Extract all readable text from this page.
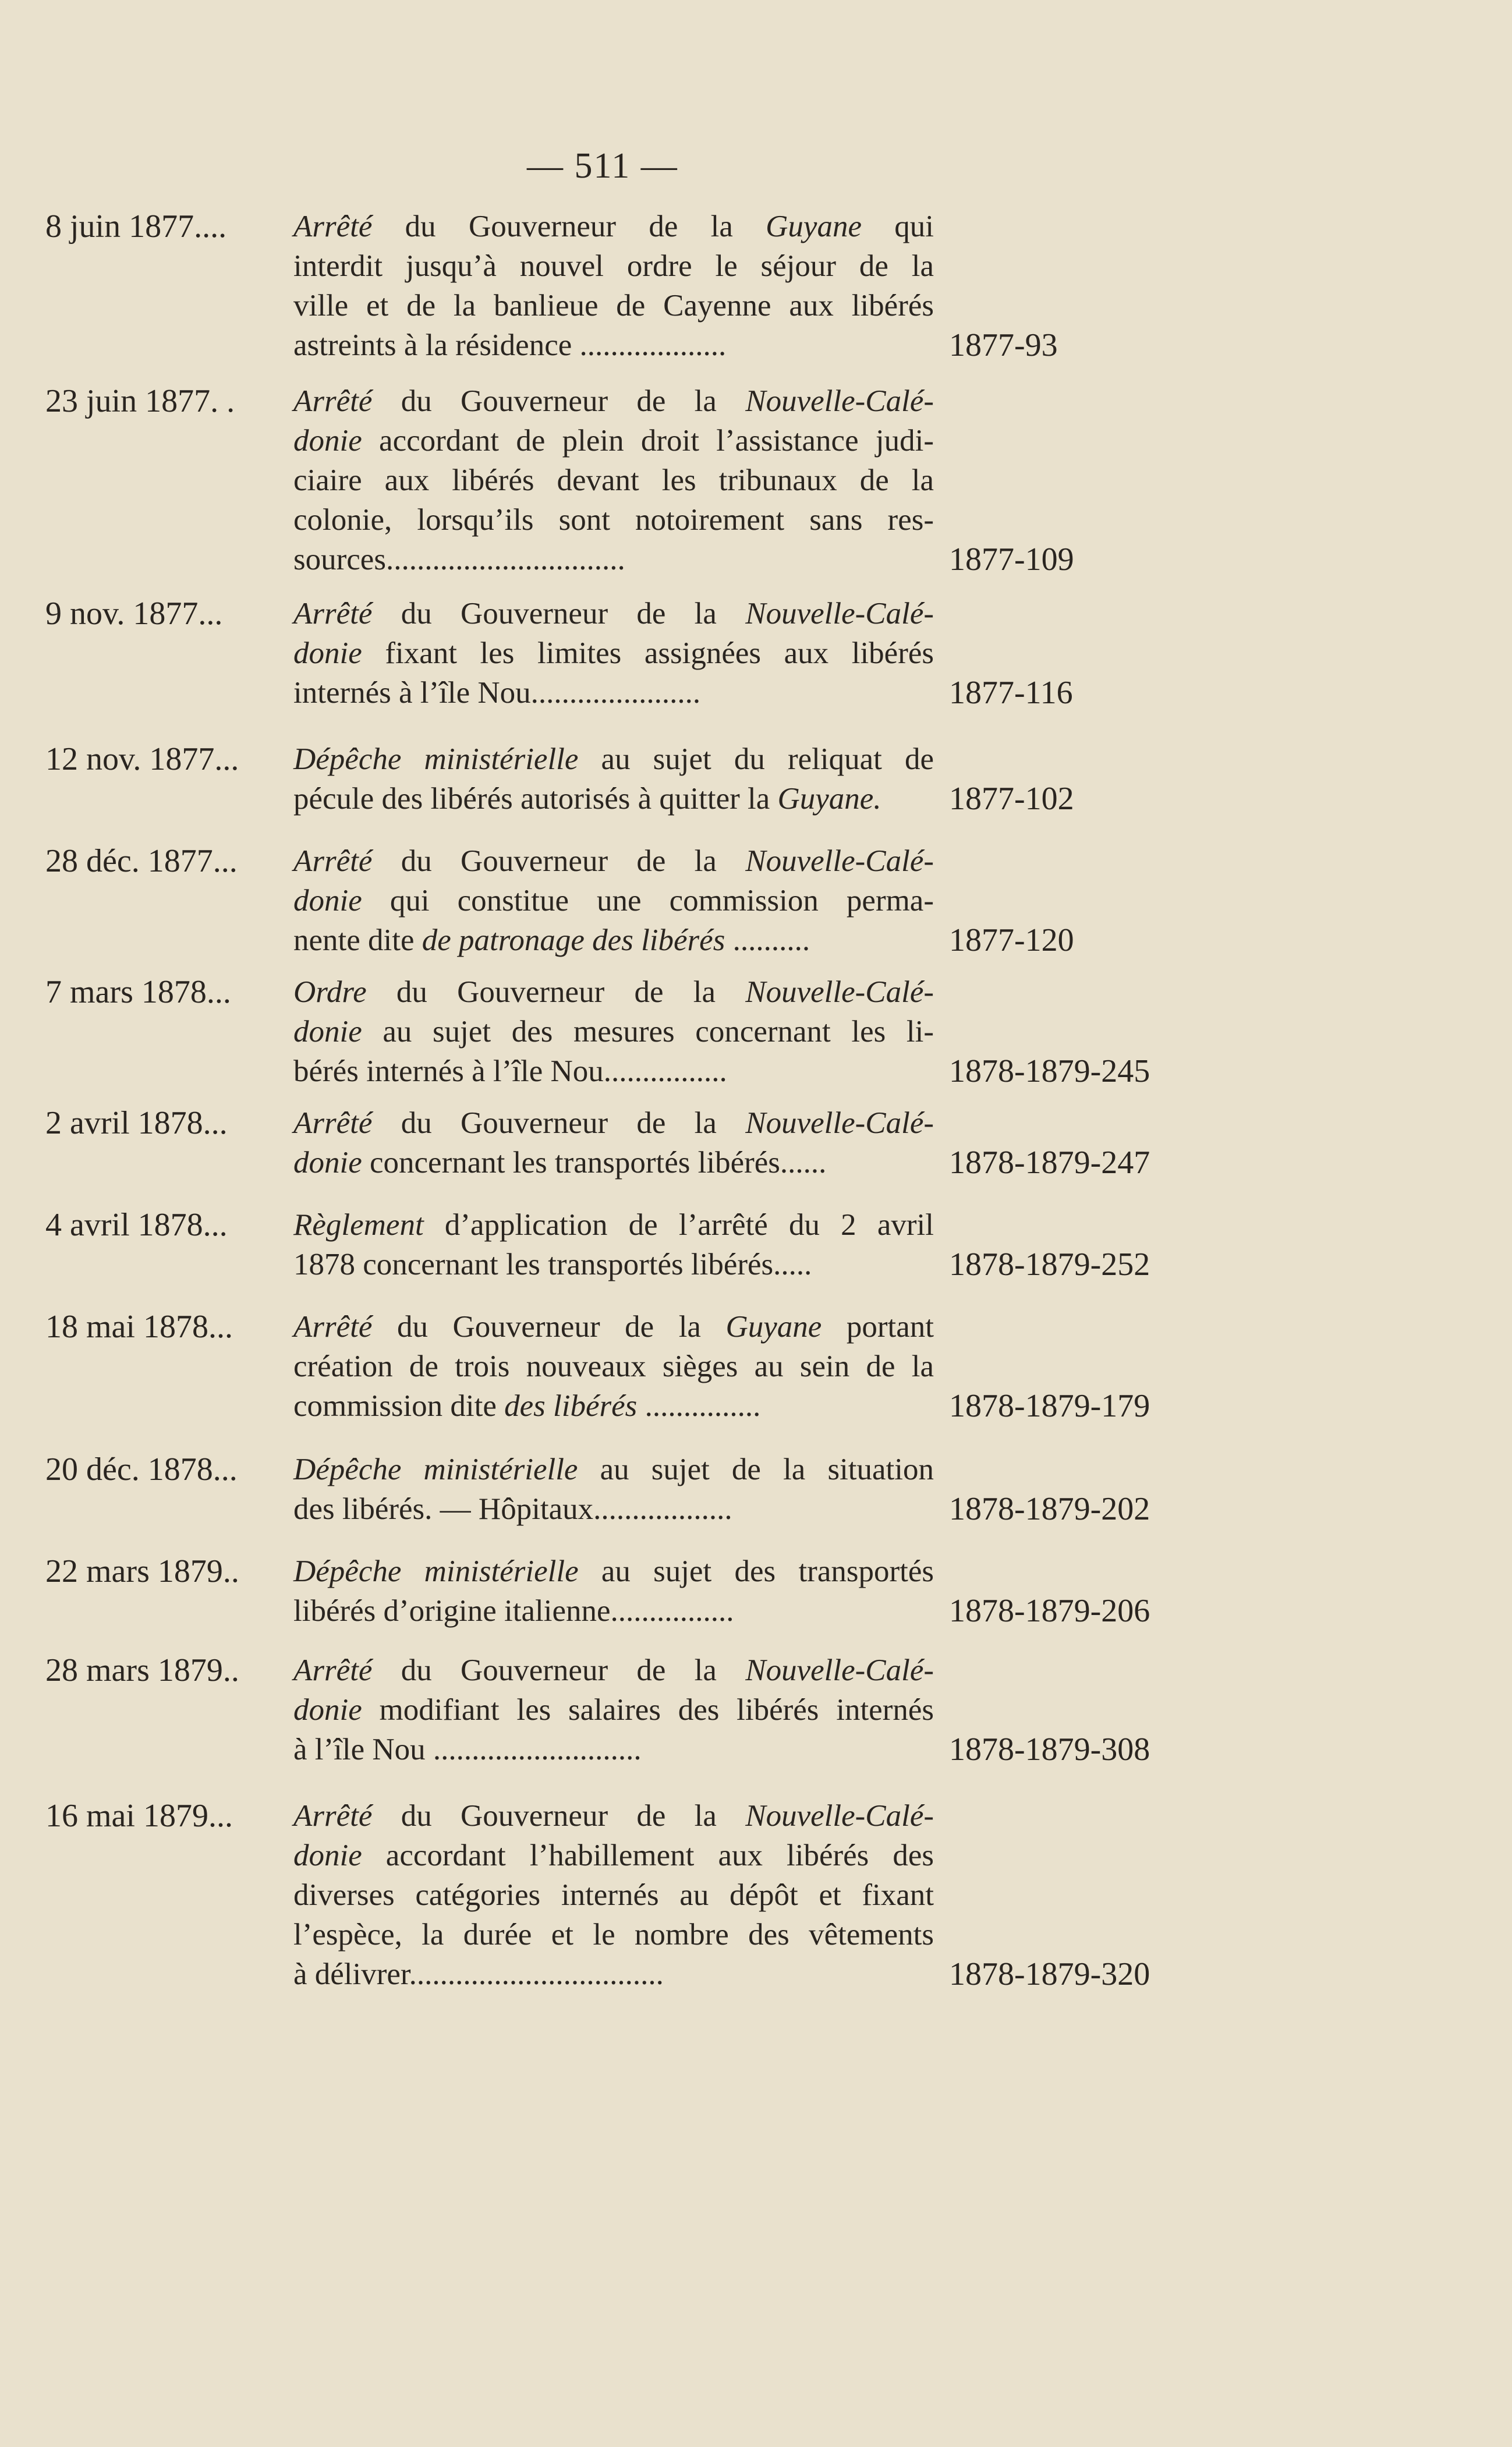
— 511 —
8 juin 1877....	Arrêté du Gouverneur de la Guyane qui
interdit jusqu’à nouvel ordre le séjour de la
ville et de la banlieue de Cayenne aux libérés
astreints à la résidence ...................	1877-93
23 juin 1877. .	Arrêté du Gouverneur de la Nouvelle-Calé-
donie accordant de plein droit l’assistance judi-
ciaire aux libérés devant les tribunaux de la
colonie, lorsqu’ils sont notoirement sans res-
sources...............................	1877-109
9 nov. 1877...	Arrêté du Gouverneur de la Nouvelle-Calé-
donie fixant les limites assignées aux libérés
internés à l’île Nou......................	1877-116
12 nov. 1877...	Dépêche ministérielle au sujet du reliquat de
pécule des libérés autorisés à quitter la Guyane.	1877-102
28 déc. 1877...	Arrêté du Gouverneur de la Nouvelle-Calé-
donie qui constitue une commission perma-
nente dite de patronage des libérés ..........	1877-120
7 mars 1878...	Ordre du Gouverneur de la Nouvelle-Calé-
donie au sujet des mesures concernant les li-
bérés internés à l’île Nou................	1878-1879-245
2 avril 1878...	Arrêté du Gouverneur de la Nouvelle-Calé-
donie concernant les transportés libérés......	1878-1879-247
4 avril 1878...	Règlement d’application de l’arrêté du 2 avril
1878 concernant les transportés libérés.....	1878-1879-252
18 mai 1878...	Arrêté du Gouverneur de la Guyane portant
création de trois nouveaux sièges au sein de la
commission dite des libérés ...............	1878-1879-179
20 déc. 1878...	Dépêche ministérielle au sujet de la situation
des libérés. — Hôpitaux..................	1878-1879-202
22 mars 1879..	Dépêche ministérielle au sujet des transportés
libérés d’origine italienne................	1878-1879-206
28 mars 1879..	Arrêté du Gouverneur de la Nouvelle-Calé-
donie modifiant les salaires des libérés internés
à l’île Nou ...........................	1878-1879-308
16 mai 1879...	Arrêté du Gouverneur de la Nouvelle-Calé-
donie accordant l’habillement aux libérés des
diverses catégories internés au dépôt et fixant
l’espèce, la durée et le nombre des vêtements
à délivrer.................................	1878-1879-320
